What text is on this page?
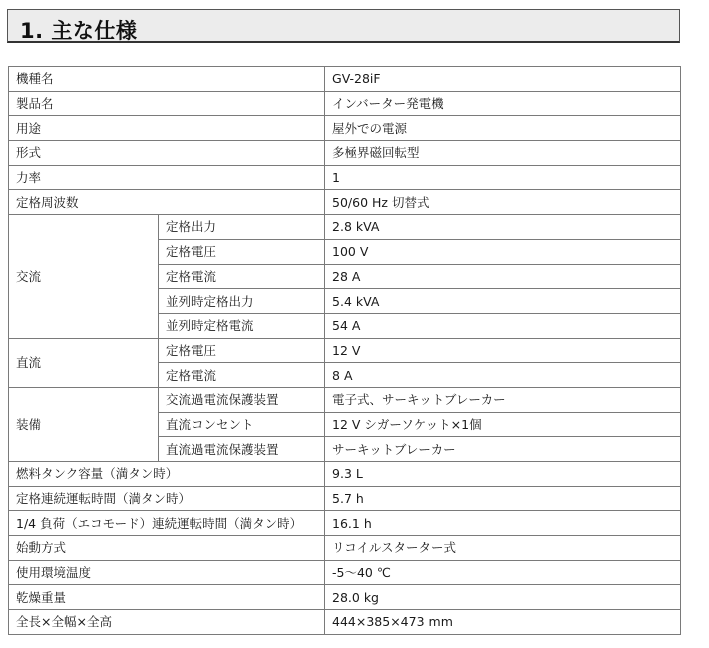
1. 主な仕様
機種名		GV-28iF
製品名		インバーター発電機
用途		屋外での電源
形式		多極界磁回転型
力率		1
定格周波数		50/60 Hz 切替式
交流	定格出力	2.8 kVA
	定格電圧	100 V
	定格電流	28 A
	並列時定格出力	5.4 kVA
	並列時定格電流	54 A
直流	定格電圧	12 V
	定格電流	8 A
装備	交流過電流保護装置	電子式、サーキットブレーカー
	直流コンセント	12 V シガーソケット×1個
	直流過電流保護装置	サーキットブレーカー
燃料タンク容量（満タン時）		9.3 L
定格連続運転時間（満タン時）		5.7 h
1/4 負荷（エコモード）連続運転時間（満タン時）		16.1 h
始動方式		リコイルスターター式
使用環境温度		-5～40 ℃
乾燥重量		28.0 kg
全長×全幅×全高		444×385×473 mm
